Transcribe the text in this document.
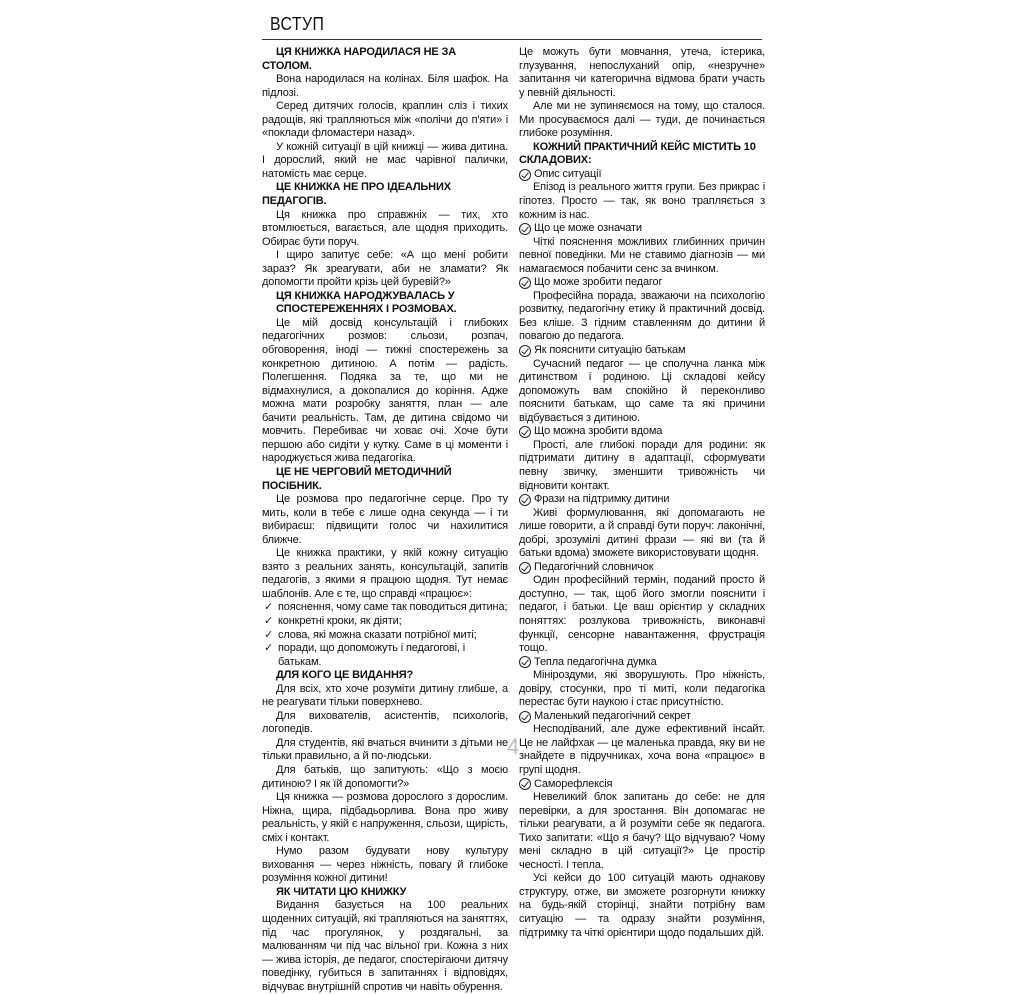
ВСТУП

ЦЯ КНИЖКА НАРОДИЛАСЯ НЕ ЗА СТОЛОМ.

Вона народилася на колінах. Біля шафок. На підлозі.

Серед дитячих голосів, краплин сліз і тихих радощів, які трапляються між «полічи до п'яти» і «поклади фломастери назад».

У кожній ситуації в цій книжці — жива дитина. І дорослий, який не має чарівної палички, натомість має серце.

ЦЕ КНИЖКА НЕ ПРО ІДЕАЛЬНИХ ПЕДАГОГІВ.

Ця книжка про справжніх — тих, хто втомлюється, вагається, але щодня приходить. Обирає бути поруч.

І щиро запитує себе: «А що мені робити зараз? Як зреагувати, аби не зламати? Як допомогти пройти крізь цей буревій?»

ЦЯ КНИЖКА НАРОДЖУВАЛАСЬ У СПОСТЕРЕЖЕННЯХ І РОЗМОВАХ.

Це мій досвід консультацій і глибоких педагогічних розмов: сльози, розпач, обговорення, іноді — тижні спостережень за конкретною дитиною. А потім — радість. Полегшення. Подяка за те, що ми не відмахнулися, а докопалися до коріння. Адже можна мати розробку заняття, план — але бачити реальність. Там, де дитина свідомо чи мовчить. Перебиває чи ховає очі. Хоче бути першою або сидіти у кутку. Саме в ці моменти і народжується жива педагогіка.

ЦЕ НЕ ЧЕРГОВИЙ МЕТОДИЧНИЙ ПОСІБНИК.

Це розмова про педагогічне серце. Про ту мить, коли в тебе є лише одна секунда — і ти вибираєш: підвищити голос чи нахилитися ближче.

Це книжка практики, у якій кожну ситуацію взято з реальних занять, консультацій, запитів педагогів, з якими я працюю щодня. Тут немає шаблонів. Але є те, що справді «працює»:

✓ пояснення, чому саме так поводиться дитина;
✓ конкретні кроки, як діяти;
✓ слова, які можна сказати потрібної миті;
✓ поради, що допоможуть і педагогові, і батькам.

ДЛЯ КОГО ЦЕ ВИДАННЯ?

Для всіх, хто хоче розуміти дитину глибше, а не реагувати тільки поверхнево.

Для вихователів, асистентів, психологів, логопедів.

Для студентів, які вчаться вчинити з дітьми не тільки правильно, а й по-людськи.

Для батьків, що запитують: «Що з моєю дитиною? І як їй допомогти?»

Ця книжка — розмова дорослого з дорослим. Ніжна, щира, підбадьорлива. Вона про живу реальність, у якій є напруження, сльози, щирість, сміх і контакт.

Нумо разом будувати нову культуру виховання — через ніжність, повагу й глибоке розуміння кожної дитини!

ЯК ЧИТАТИ ЦЮ КНИЖКУ

Видання базується на 100 реальних щоденних ситуацій, які трапляються на заняттях, під час прогулянок, у роздягальні, за малюванням чи під час вільної гри. Кожна з них — жива історія, де педагог, спостерігаючи дитячу поведінку, губиться в запитаннях і відповідях, відчуває внутрішній спротив чи навіть обурення.

Це можуть бути мовчання, утеча, істерика, глузування, непослуханий опір, «незручне» запитання чи категорична відмова брати участь у певній діяльності.

Але ми не зупиняємося на тому, що сталося. Ми просуваємося далі — туди, де починається глибоке розуміння.

КОЖНИЙ ПРАКТИЧНИЙ КЕЙС МІСТИТЬ 10 СКЛАДОВИХ:

Опис ситуації

Епізод із реального життя групи. Без прикрас і гіпотез. Просто — так, як воно трапляється з кожним із нас.

Що це може означати

Чіткі пояснення можливих глибинних причин певної поведінки. Ми не ставимо діагнозів — ми намагаємося побачити сенс за вчинком.

Що може зробити педагог

Професійна порада, зважаючи на психологію розвитку, педагогічну етику й практичний досвід. Без кліше. З гідним ставленням до дитини й повагою до педагога.

Як пояснити ситуацію батькам

Сучасний педагог — це сполучна ланка між дитинством і родиною. Ці складові кейсу допоможуть вам спокійно й переконливо пояснити батькам, що саме та які причини відбувається з дитиною.

Що можна зробити вдома

Прості, але глибокі поради для родини: як підтримати дитину в адаптації, сформувати певну звичку, зменшити тривожність чи відновити контакт.

Фрази на підтримку дитини

Живі формулювання, які допомагають не лише говорити, а й справді бути поруч: лаконічні, добрі, зрозумілі дитині фрази — які ви (та й батьки вдома) зможете використовувати щодня.

Педагогічний словничок

Один професійний термін, поданий просто й доступно, — так, щоб його змогли пояснити і педагог, і батьки. Це ваш орієнтир у складних поняттях: розлукова тривожність, виконавчі функції, сенсорне навантаження, фрустрація тощо.

Тепла педагогічна думка

Мініроздуми, які зворушують. Про ніжність, довіру, стосунки, про ті миті, коли педагогіка перестає бути наукою і стає присутністю.

Маленький педагогічний секрет

Несподіваний, але дуже ефективний інсайт. Це не лайфхак — це маленька правда, яку ви не знайдете в підручниках, хоча вона «працює» в групі щодня.

Саморефлексія

Невеликий блок запитань до себе: не для перевірки, а для зростання. Він допомагає не тільки реагувати, а й розуміти себе як педагога. Тихо запитати: «Що я бачу? Що відчуваю? Чому мені складно в цій ситуації?» Це простір чесності. І тепла.

Усі кейси до 100 ситуацій мають однакову структуру, отже, ви зможете розгорнути книжку на будь-якій сторінці, знайти потрібну вам ситуацію — та одразу знайти розуміння, підтримку та чіткі орієнтири щодо подальших дій.

4
